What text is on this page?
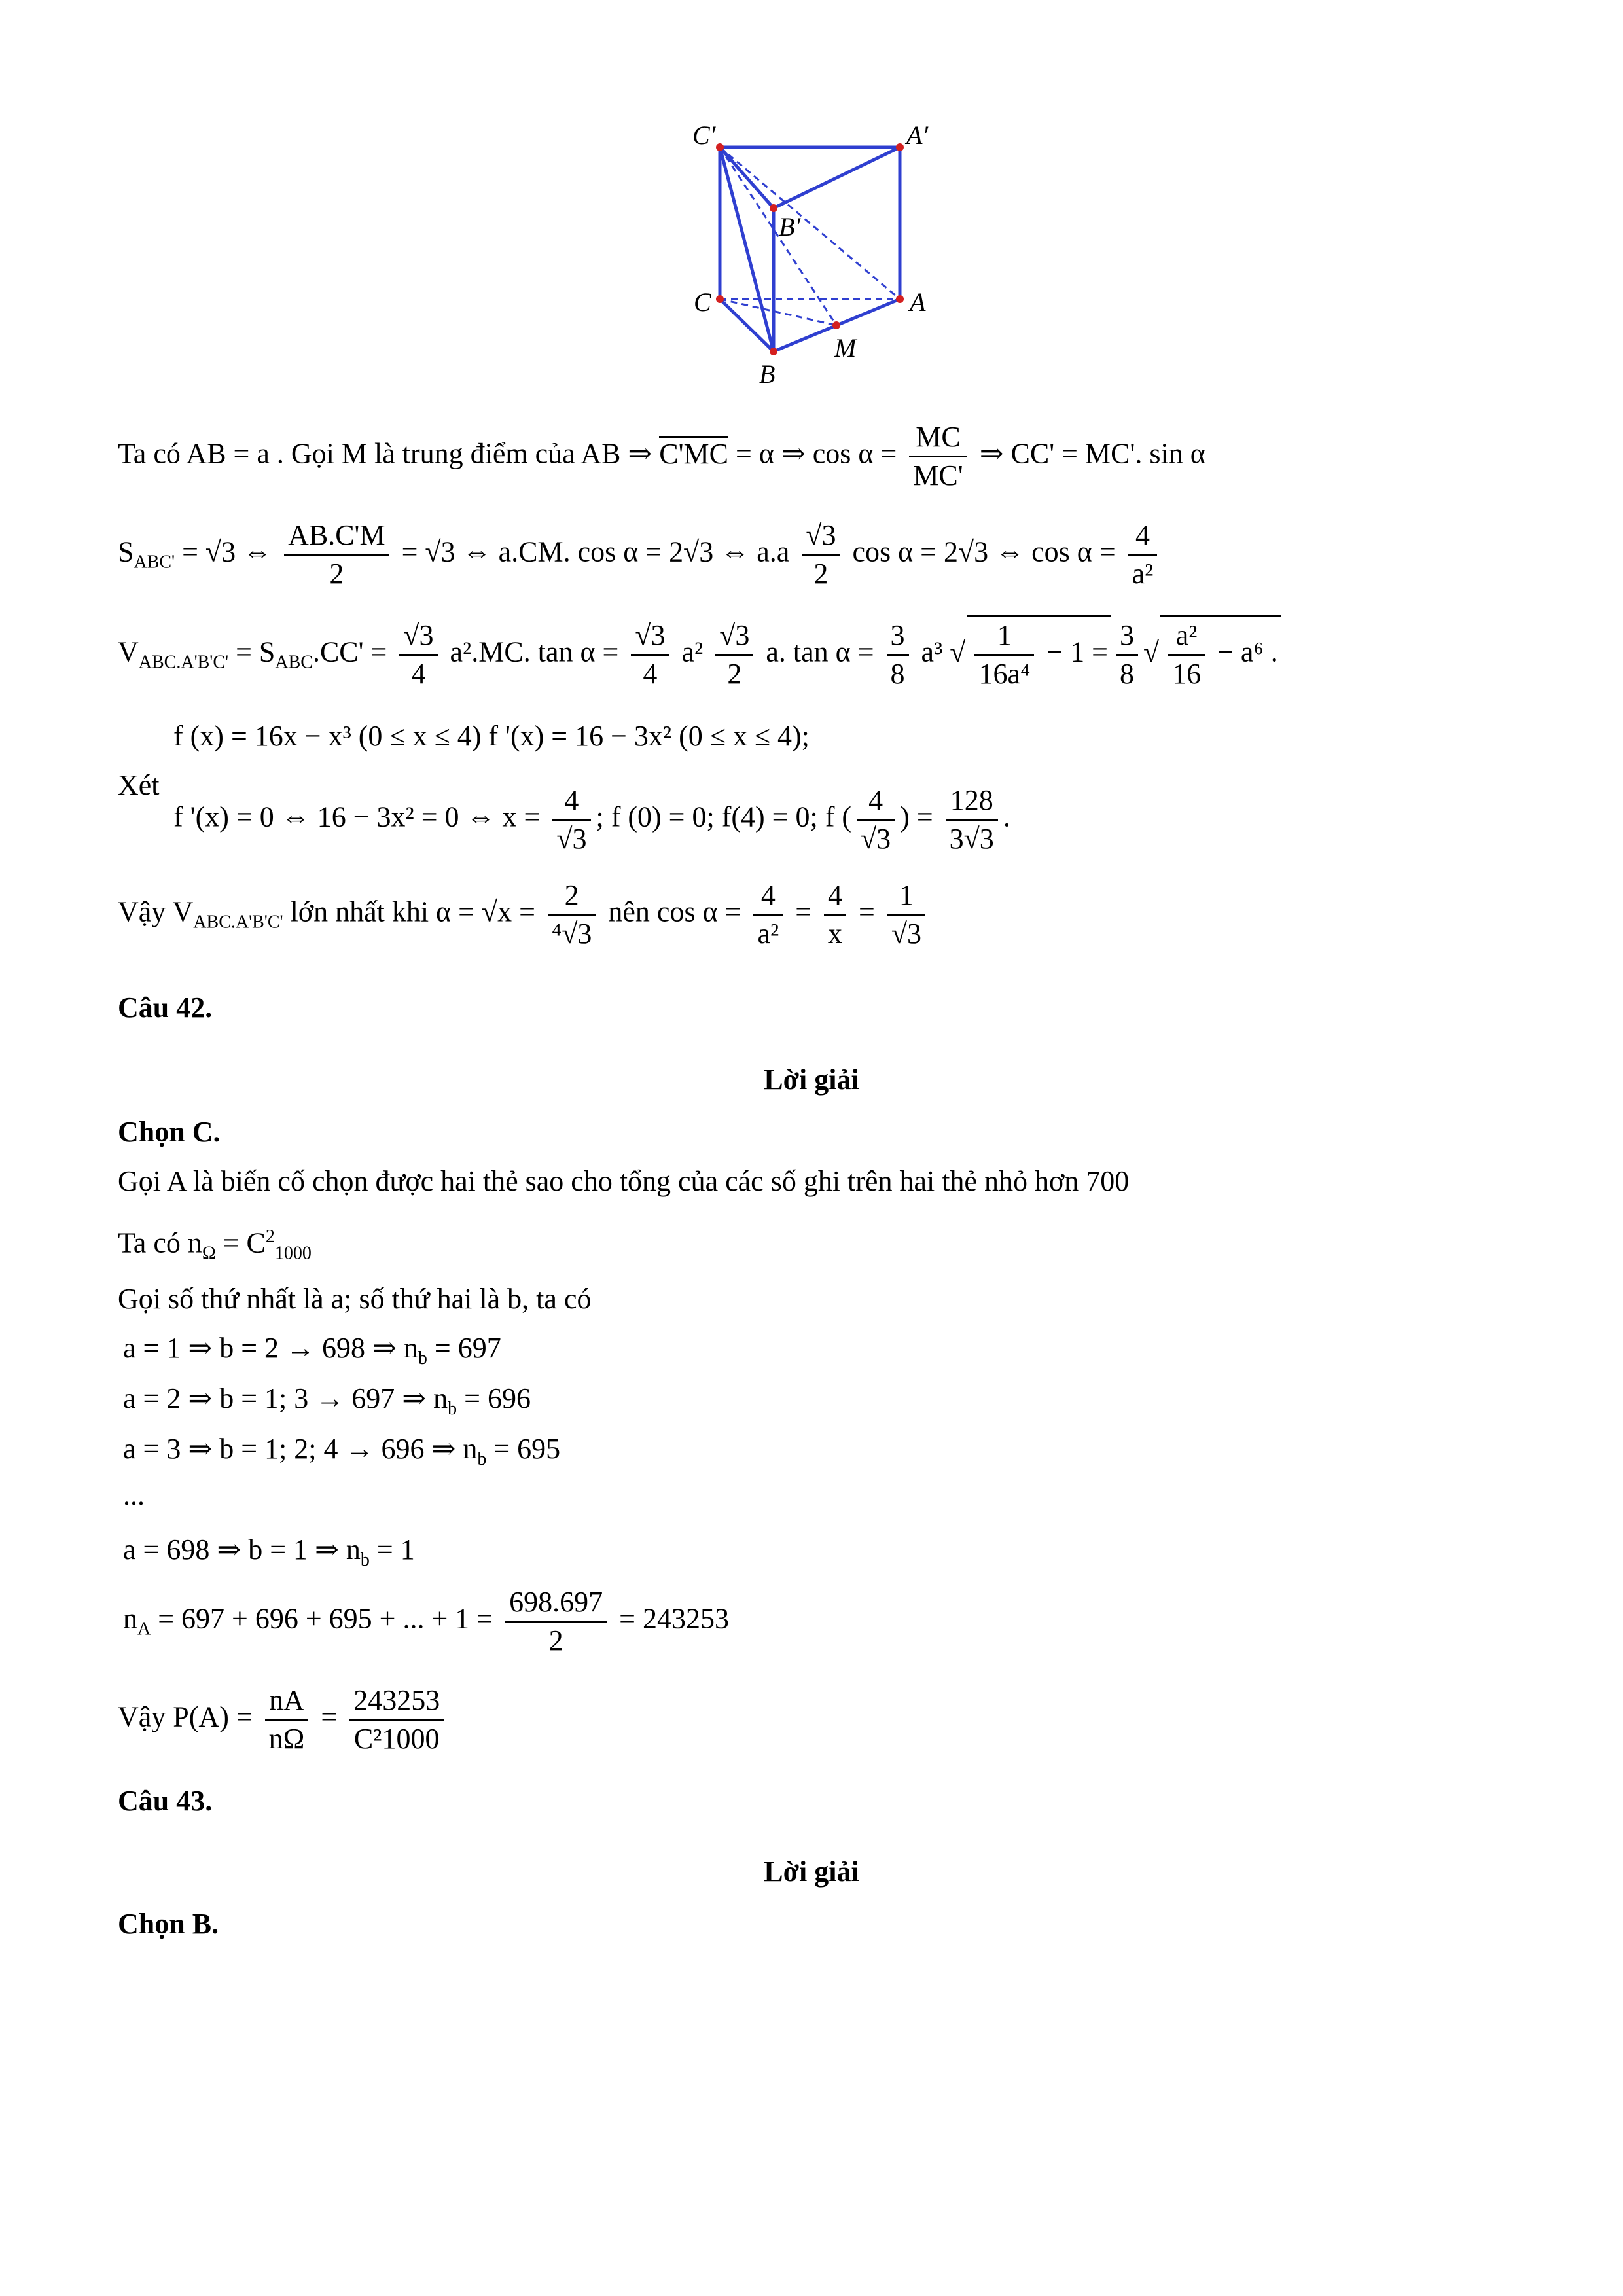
C′	A′
B′
C	A
M
B
Ta có AB = a . Gọi M là trung điểm của AB ⇒ C'MC = α ⇒ $\cos \alpha = \frac{MC}{MC'}$ ⇒ CC' = MC'. sin α
$S_{ABC'} = √3$ ⇔ $\frac{AB.C'M}{2} = √3$ ⇔ a.CM. cos α = 2√3 ⇔ $a.a \frac{√3}{2}$ cos α = 2√3 ⇔ $\cos \alpha = \frac{4}{\text{a²}}$
$V_{ABC.A'B'C'} = S_{ABC}.CC' = \frac{√3}{4} a^2.MC$. $\tan \alpha = \frac{√3}{4} a^2 \frac{√3}{2} a$. $\tan \alpha = \frac{3}{8} a^3$ √ $\frac{1}{\text{16a⁴}} - 1 = \frac{3}{8}$
√ $\frac{\text{a²}}{16} - a^6$ .
f (x) = 16x − x³ (0 ≤ x ≤ 4) f '(x) = 16 − 3x² (0 ≤ x ≤ 4);
Xét
f '(x) = 0 ⇔ 16 − 3x² = 0 ⇔ $x = \frac{4}{√3}$ ; f (0) = 0; f(4) = 0; f ( $\frac{4}{√3}$ ) = $\frac{128}{3√3}$ .
Vậy $V_{ABC.A'B'C'}$ lớn nhất khi $\alpha = √x = \frac{2}{\text{⁴√3}}$ nên $\cos \alpha = \frac{4}{\text{a²}} = \frac{4}{x} = \frac{1}{√3}$
Câu 42.
Lời giải
Chọn C.
Gọi A là biến cố chọn được hai thẻ sao cho tổng của các số ghi trên hai thẻ nhỏ hơn 700
Ta có $n_\Omega = C^2_{1000}$
Gọi số thứ nhất là a; số thứ hai là b, ta có
a = 1 ⇒ b = 2 → 698 ⇒ $n_b = 697$
a = 2 ⇒ b = 1; 3 → 697 ⇒ $n_b = 696$
a = 3 ⇒ b = 1; 2; 4 → 696 ⇒ $n_b = 695$
...
a = 698 ⇒ b = 1 ⇒ $n_b = 1$
$n_A = 697 + 696 + 695$ + ... + $1 = \frac{698.697}{2} = 243253$
Vậy $P(A) = \frac{nA}{n\Omega} = \frac{243253}{\text{C²1000}}$
Câu 43.
Lời giải
Chọn B.
